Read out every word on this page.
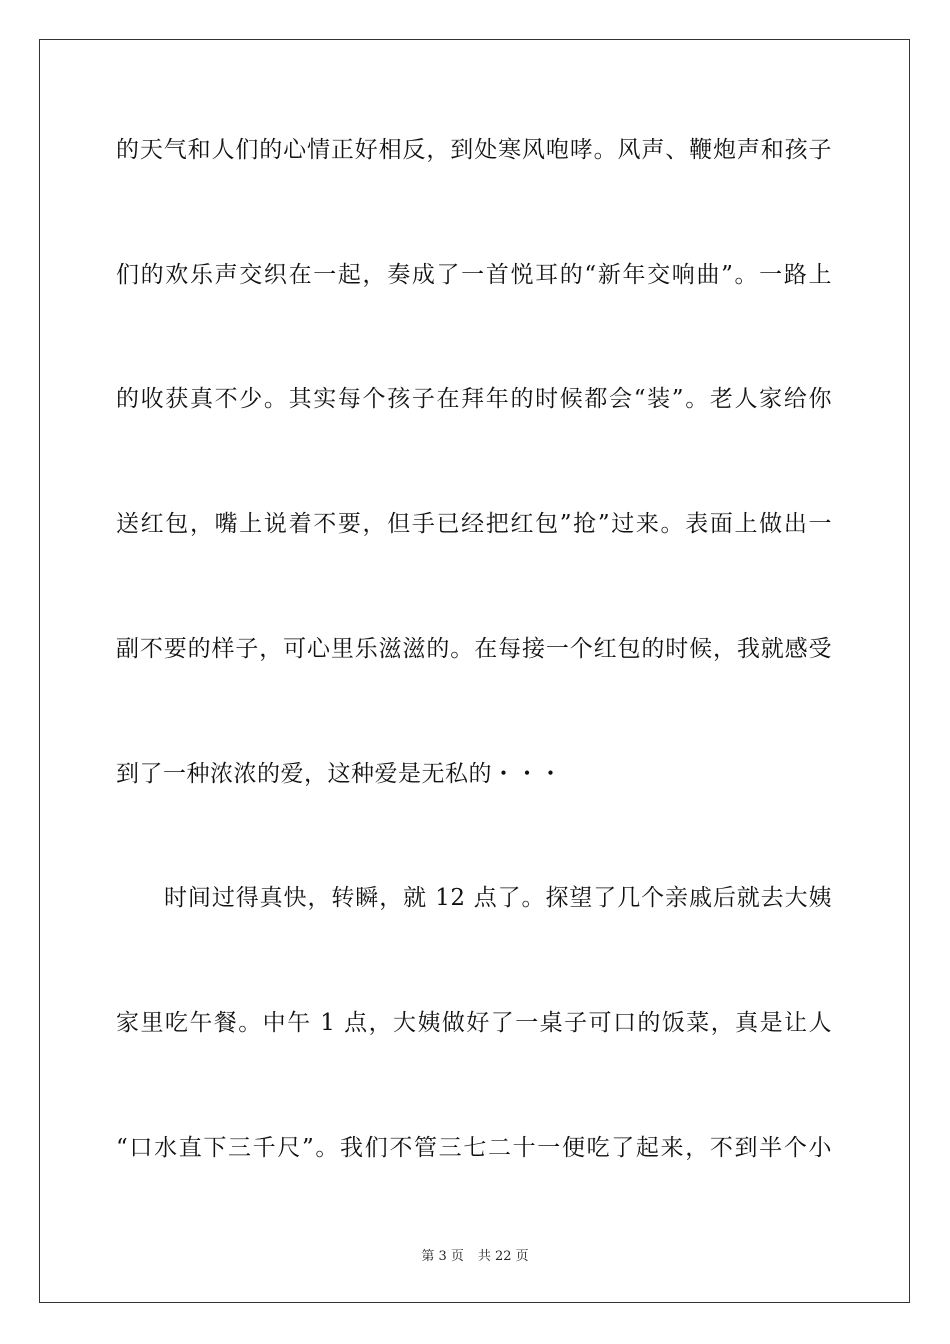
的天气和人们的心情正好相反，到处寒风咆哮。风声、鞭炮声和孩子
们的欢乐声交织在一起，奏成了一首悦耳的“新年交响曲”。一路上
的收获真不少。其实每个孩子在拜年的时候都会“装”。老人家给你
送红包，嘴上说着不要，但手已经把红包”抢”过来。表面上做出一
副不要的样子，可心里乐滋滋的。在每接一个红包的时候，我就感受
到了一种浓浓的爱，这种爱是无私的・・・
时间过得真快，转瞬，就 12 点了。探望了几个亲戚后就去大姨
家里吃午餐。中午 1 点，大姨做好了一桌子可口的饭菜，真是让人
“口水直下三千尺”。我们不管三七二十一便吃了起来，不到半个小
第 3 页 共 22 页
